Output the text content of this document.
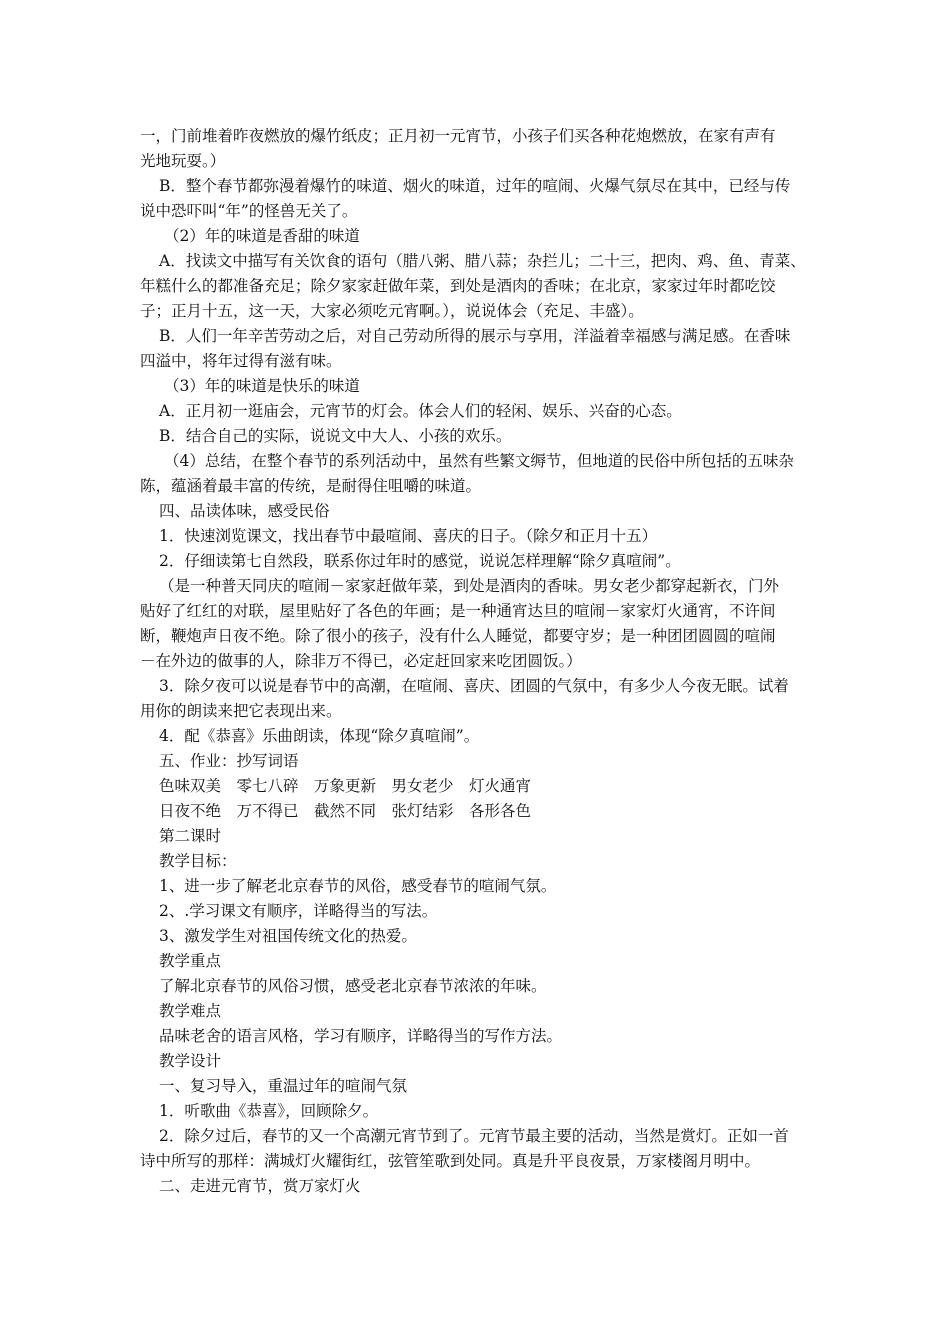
一，门前堆着昨夜燃放的爆竹纸皮；正月初一元宵节，小孩子们买各种花炮燃放，在家有声有
光地玩耍。）
B．整个春节都弥漫着爆竹的味道、烟火的味道，过年的喧闹、火爆气氛尽在其中，已经与传
说中恐吓叫“年”的怪兽无关了。
（2）年的味道是香甜的味道
A．找读文中描写有关饮食的语句（腊八粥、腊八蒜；杂拦儿；二十三，把肉、鸡、鱼、青菜、
年糕什么的都准备充足；除夕家家赶做年菜，到处是酒肉的香味；在北京，家家过年时都吃饺
子；正月十五，这一天，大家必须吃元宵啊。），说说体会（充足、丰盛）。
B．人们一年辛苦劳动之后，对自己劳动所得的展示与享用，洋溢着幸福感与满足感。在香味
四溢中，将年过得有滋有味。
（3）年的味道是快乐的味道
A．正月初一逛庙会，元宵节的灯会。体会人们的轻闲、娱乐、兴奋的心态。
B．结合自己的实际，说说文中大人、小孩的欢乐。
（4）总结，在整个春节的系列活动中，虽然有些繁文缛节，但地道的民俗中所包括的五味杂
陈，蕴涵着最丰富的传统，是耐得住咀嚼的味道。
四、品读体味，感受民俗
1．快速浏览课文，找出春节中最喧闹、喜庆的日子。（除夕和正月十五）
2．仔细读第七自然段，联系你过年时的感觉，说说怎样理解“除夕真喧闹”。
（是一种普天同庆的喧闹－家家赶做年菜，到处是酒肉的香味。男女老少都穿起新衣，门外
贴好了红红的对联，屋里贴好了各色的年画；是一种通宵达旦的喧闹－家家灯火通宵，不许间
断，鞭炮声日夜不绝。除了很小的孩子，没有什么人睡觉，都要守岁；是一种团团圆圆的喧闹
－在外边的做事的人，除非万不得已，必定赶回家来吃团圆饭。）
3．除夕夜可以说是春节中的高潮，在喧闹、喜庆、团圆的气氛中，有多少人今夜无眠。试着
用你的朗读来把它表现出来。
4．配《恭喜》乐曲朗读，体现“除夕真喧闹”。
五、作业：抄写词语
色味双美　零七八碎　万象更新　男女老少　灯火通宵
日夜不绝　万不得已　截然不同　张灯结彩　各形各色
第二课时
教学目标：
1、进一步了解老北京春节的风俗，感受春节的喧闹气氛。
2、.学习课文有顺序，详略得当的写法。
3、激发学生对祖国传统文化的热爱。
教学重点
了解北京春节的风俗习惯，感受老北京春节浓浓的年味。
教学难点
品味老舍的语言风格，学习有顺序，详略得当的写作方法。
教学设计
一、复习导入，重温过年的喧闹气氛
1．听歌曲《恭喜》，回顾除夕。
2．除夕过后，春节的又一个高潮元宵节到了。元宵节最主要的活动，当然是赏灯。正如一首
诗中所写的那样：满城灯火耀街红，弦管笙歌到处同。真是升平良夜景，万家楼阁月明中。
二、走进元宵节，赏万家灯火
